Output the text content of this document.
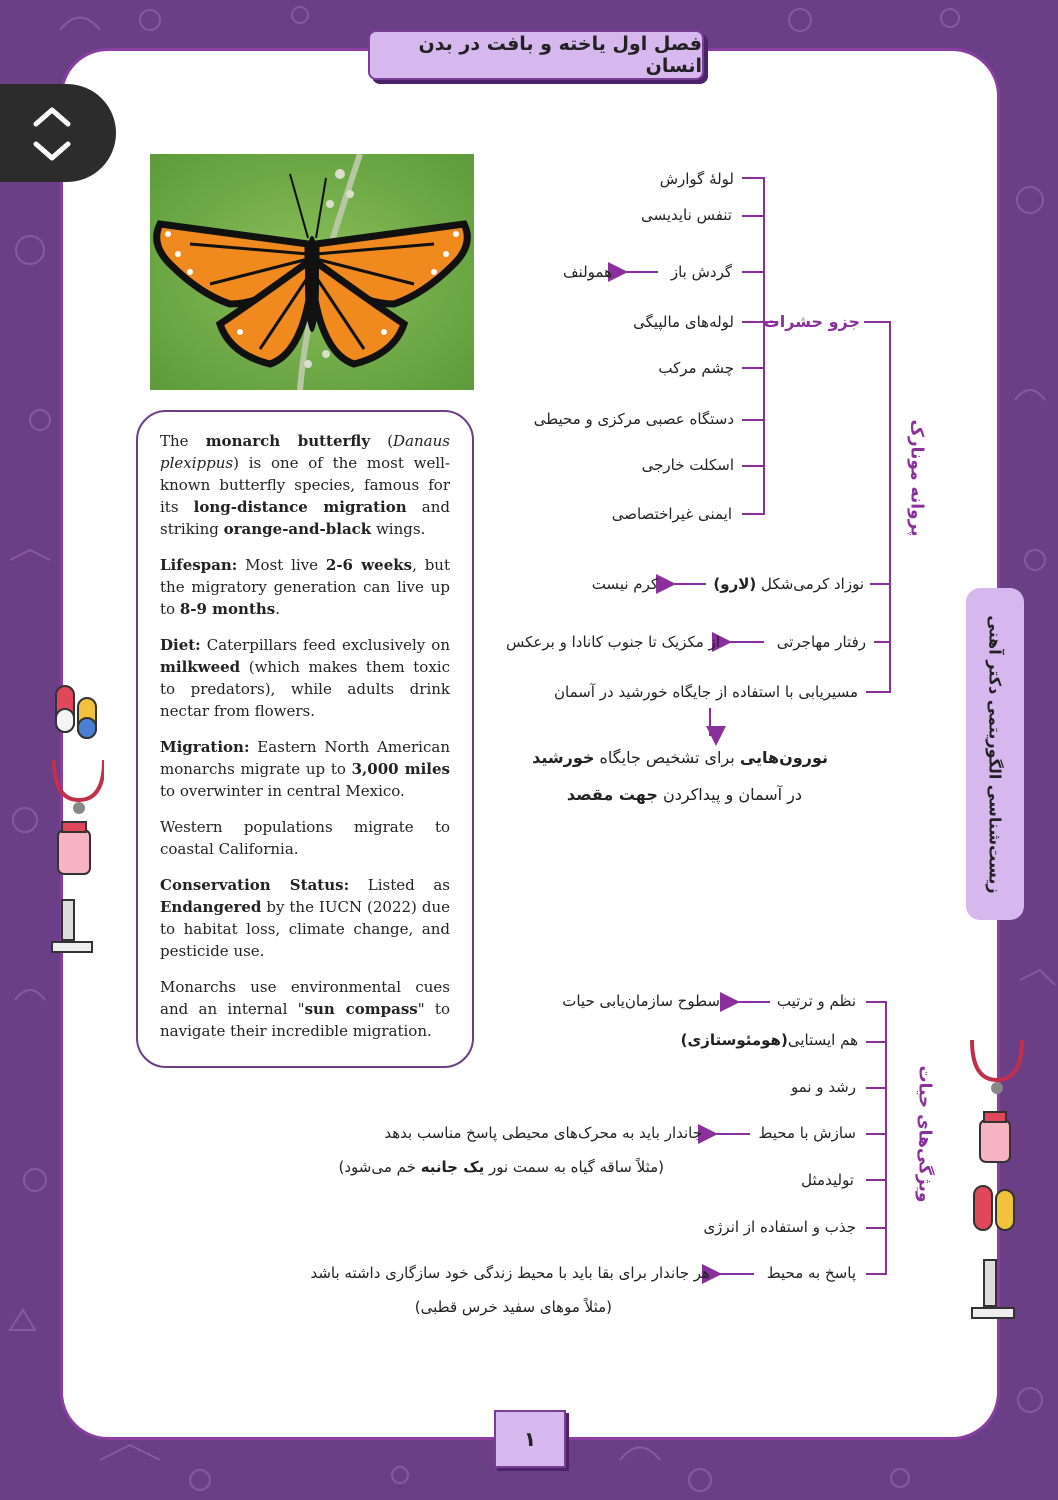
فصل اول یاخته و بافت در بدن انسان
زیست‌شناسی الگوریتمی دکتر آهنی
۱

The monarch butterfly (Danaus plexippus) is one of the most well-known butterfly species, famous for its long-distance migration and striking orange-and-black wings.

Lifespan: Most live 2-6 weeks, but the migratory generation can live up to 8-9 months.

Diet: Caterpillars feed exclusively on milkweed (which makes them toxic to predators), while adults drink nectar from flowers.

Migration: Eastern North American monarchs migrate up to 3,000 miles to overwinter in central Mexico.

Western populations migrate to coastal California.

Conservation Status: Listed as Endangered by the IUCN (2022) due to habitat loss, climate change, and pesticide use.

Monarchs use environmental cues and an internal "sun compass" to navigate their incredible migration.

پروانه مونارک
جزو حشرات
لولهٔ گوارش
تنفس نایدیسی
گردش باز
همولنف
لوله‌های مالپیگی
چشم مرکب
دستگاه عصبی مرکزی و محیطی
اسکلت خارجی
ایمنی غیراختصاصی
نوزاد کرمی‌شکل (لارو)
کرم نیست
رفتار مهاجرتی
از مکزیک تا جنوب کانادا و برعکس
مسیریابی با استفاده از جایگاه خورشید در آسمان
نورون‌هایی برای تشخیص جایگاه خورشید
در آسمان و پیداکردن جهت مقصد
ویژگی‌های حیات
نظم و ترتیب
سطوح سازمان‌یابی حیات
هم ایستایی(هومئوستازی)
رشد و نمو
سازش با محیط
جاندار باید به محرک‌های محیطی پاسخ مناسب بدهد
(مثلاً ساقه گیاه به سمت نور یک جانبه خم می‌شود)
تولیدمثل
جذب و استفاده از انرژی
پاسخ به محیط
هر جاندار برای بقا باید با محیط زندگی خود سازگاری داشته باشد
(مثلاً موهای سفید خرس قطبی)
